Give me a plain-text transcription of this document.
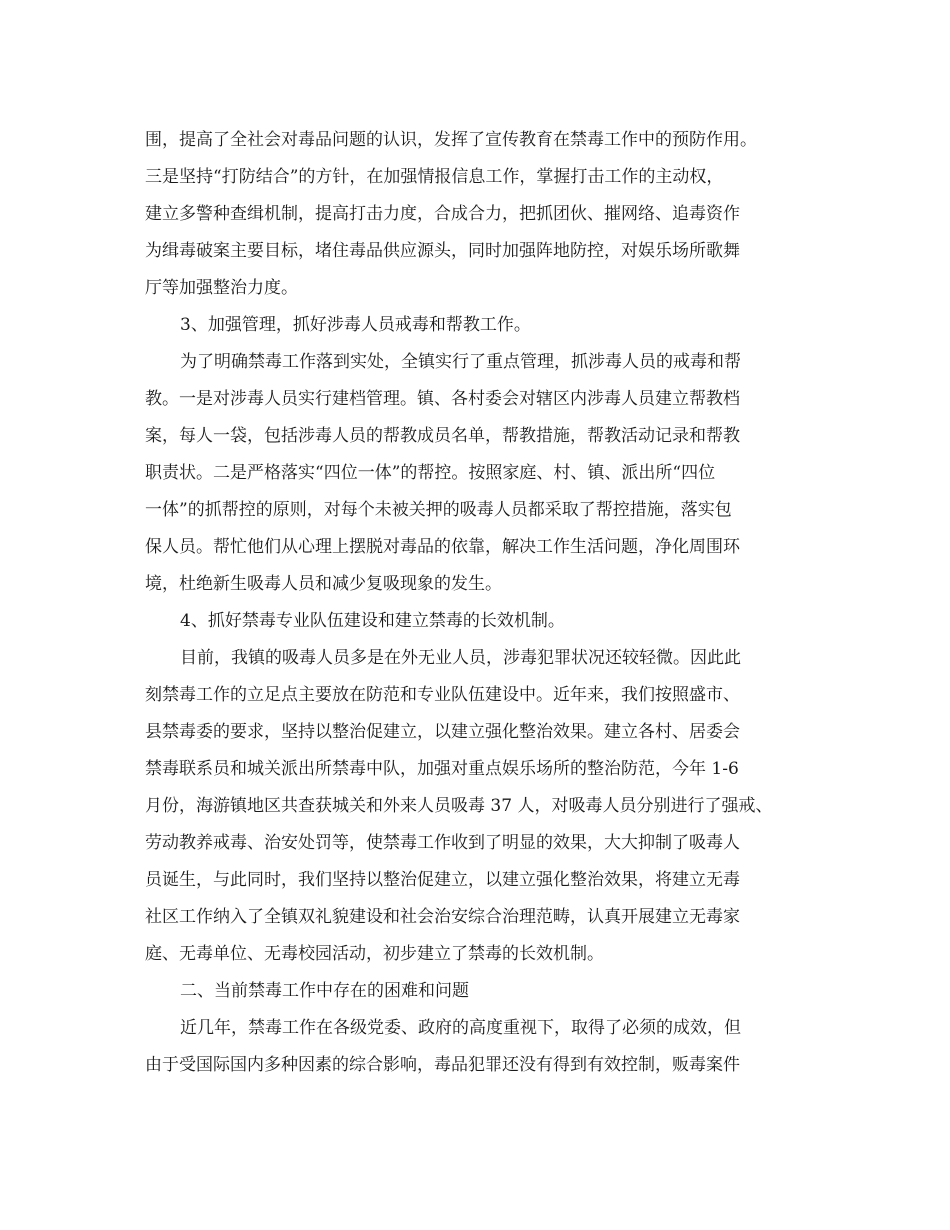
围，提高了全社会对毒品问题的认识，发挥了宣传教育在禁毒工作中的预防作用。
三是坚持“打防结合”的方针，在加强情报信息工作，掌握打击工作的主动权，
建立多警种查缉机制，提高打击力度，合成合力，把抓团伙、摧网络、追毒资作
为缉毒破案主要目标，堵住毒品供应源头，同时加强阵地防控，对娱乐场所歌舞
厅等加强整治力度。
3、加强管理，抓好涉毒人员戒毒和帮教工作。
为了明确禁毒工作落到实处，全镇实行了重点管理，抓涉毒人员的戒毒和帮
教。一是对涉毒人员实行建档管理。镇、各村委会对辖区内涉毒人员建立帮教档
案，每人一袋，包括涉毒人员的帮教成员名单，帮教措施，帮教活动记录和帮教
职责状。二是严格落实“四位一体”的帮控。按照家庭、村、镇、派出所“四位
一体”的抓帮控的原则，对每个未被关押的吸毒人员都采取了帮控措施，落实包
保人员。帮忙他们从心理上摆脱对毒品的依靠，解决工作生活问题，净化周围环
境，杜绝新生吸毒人员和减少复吸现象的发生。
4、抓好禁毒专业队伍建设和建立禁毒的长效机制。
目前，我镇的吸毒人员多是在外无业人员，涉毒犯罪状况还较轻微。因此此
刻禁毒工作的立足点主要放在防范和专业队伍建设中。近年来，我们按照盛市、
县禁毒委的要求，坚持以整治促建立，以建立强化整治效果。建立各村、居委会
禁毒联系员和城关派出所禁毒中队，加强对重点娱乐场所的整治防范，今年 1-6
月份，海游镇地区共查获城关和外来人员吸毒 37 人，对吸毒人员分别进行了强戒、
劳动教养戒毒、治安处罚等，使禁毒工作收到了明显的效果，大大抑制了吸毒人
员诞生，与此同时，我们坚持以整治促建立，以建立强化整治效果，将建立无毒
社区工作纳入了全镇双礼貌建设和社会治安综合治理范畴，认真开展建立无毒家
庭、无毒单位、无毒校园活动，初步建立了禁毒的长效机制。
二、当前禁毒工作中存在的困难和问题
近几年，禁毒工作在各级党委、政府的高度重视下，取得了必须的成效，但
由于受国际国内多种因素的综合影响，毒品犯罪还没有得到有效控制，贩毒案件
